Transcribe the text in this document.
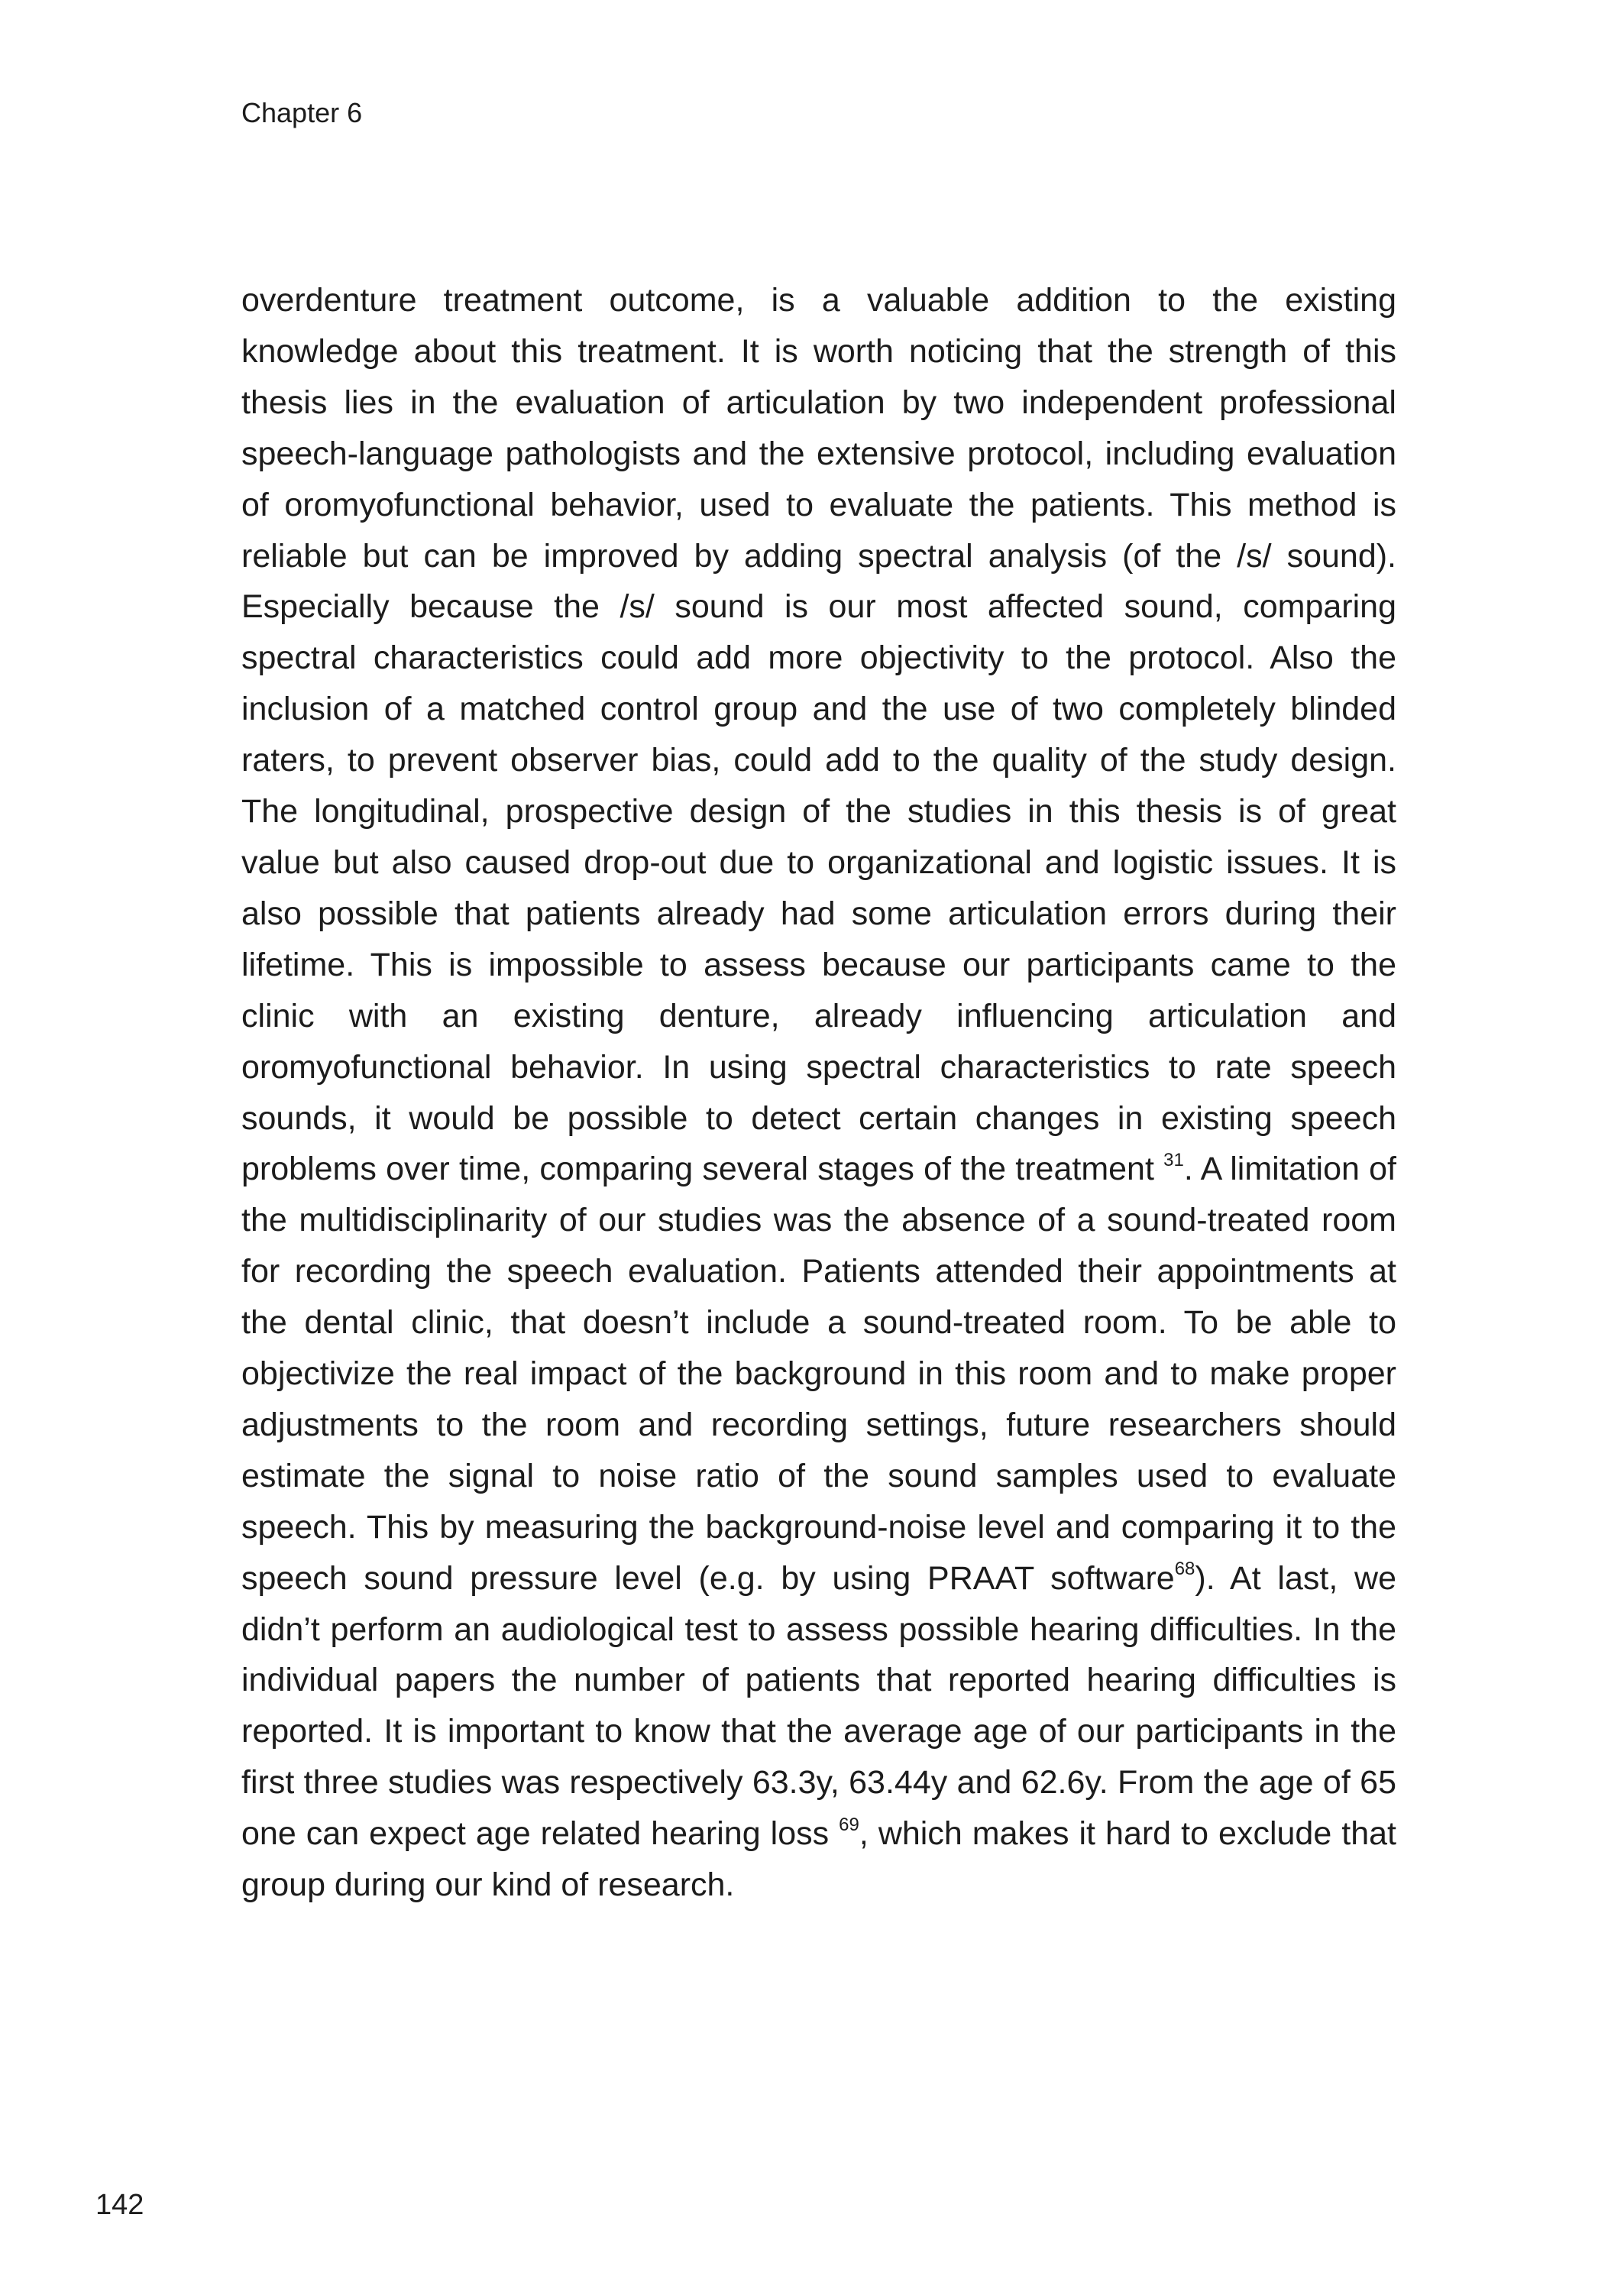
Chapter 6

overdenture treatment outcome, is a valuable addition to the existing knowledge about this treatment. It is worth noticing that the strength of this thesis lies in the evaluation of articulation by two independent professional speech-language pathologists and the extensive protocol, including evaluation of oromyofunctional behavior, used to evaluate the patients. This method is reliable but can be improved by adding spectral analysis (of the /s/ sound). Especially because the /s/ sound is our most affected sound, comparing spectral characteristics could add more objectivity to the protocol. Also the inclusion of a matched control group and the use of two completely blinded raters, to prevent observer bias, could add to the quality of the study design. The longitudinal, prospective design of the studies in this thesis is of great value but also caused drop-out due to organizational and logistic issues. It is also possible that patients already had some articulation errors during their lifetime. This is impossible to assess because our participants came to the clinic with an existing denture, already influencing articulation and oromyofunctional behavior. In using spectral characteristics to rate speech sounds, it would be possible to detect certain changes in existing speech problems over time, comparing several stages of the treatment $^{31}$. A limitation of the multidisciplinarity of our studies was the absence of a sound-treated room for recording the speech evaluation. Patients attended their appointments at the dental clinic, that doesn’t include a sound-treated room. To be able to objectivize the real impact of the background in this room and to make proper adjustments to the room and recording settings, future researchers should estimate the signal to noise ratio of the sound samples used to evaluate speech. This by measuring the background-noise level and comparing it to the speech sound pressure level (e.g. by using PRAAT software$^{68}$). At last, we didn’t perform an audiological test to assess possible hearing difficulties. In the individual papers the number of patients that reported hearing difficulties is reported. It is important to know that the average age of our participants in the first three studies was respectively 63.3y, 63.44y and 62.6y. From the age of 65 one can expect age related hearing loss $^{69}$, which makes it hard to exclude that group during our kind of research.

142
